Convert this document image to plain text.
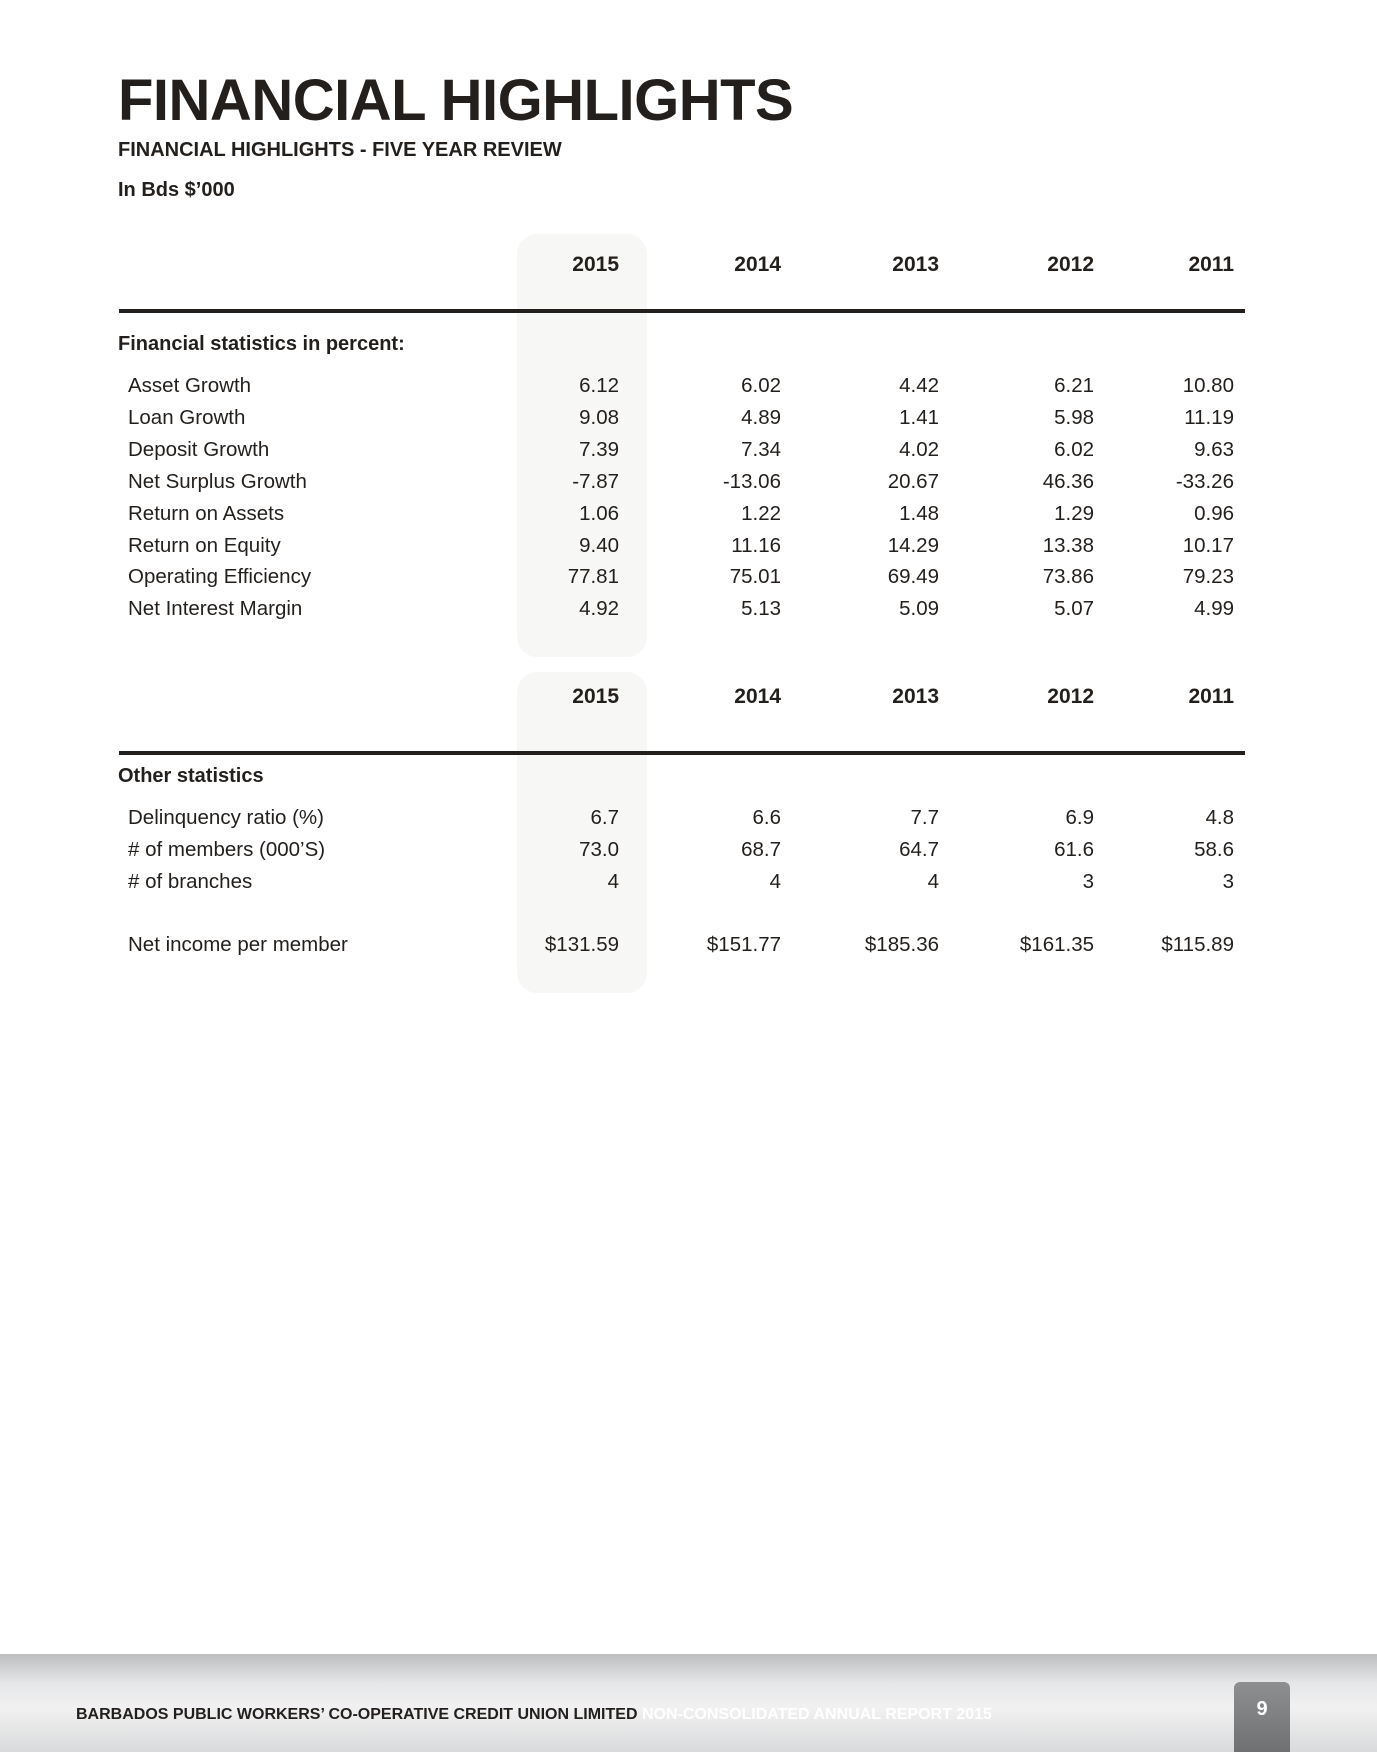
FINANCIAL HIGHLIGHTS
FINANCIAL HIGHLIGHTS - FIVE YEAR REVIEW
In Bds $’000
2015	2014	2013	2012	2011
Financial statistics in percent:
Asset Growth	6.12	6.02	4.42	6.21	10.80
Loan Growth	9.08	4.89	1.41	5.98	11.19
Deposit Growth	7.39	7.34	4.02	6.02	9.63
Net Surplus Growth	-7.87	-13.06	20.67	46.36	-33.26
Return on Assets	1.06	1.22	1.48	1.29	0.96
Return on Equity	9.40	11.16	14.29	13.38	10.17
Operating Efficiency	77.81	75.01	69.49	73.86	79.23
Net Interest Margin	4.92	5.13	5.09	5.07	4.99
2015	2014	2013	2012	2011
Other statistics
Delinquency ratio (%)	6.7	6.6	7.7	6.9	4.8
# of members (000’S)	73.0	68.7	64.7	61.6	58.6
# of branches	4	4	4	3	3
Net income per member	$131.59	$151.77	$185.36	$161.35	$115.89
BARBADOS PUBLIC WORKERS’ CO-OPERATIVE CREDIT UNION LIMITED NON-CONSOLIDATED ANNUAL REPORT 2015	9
